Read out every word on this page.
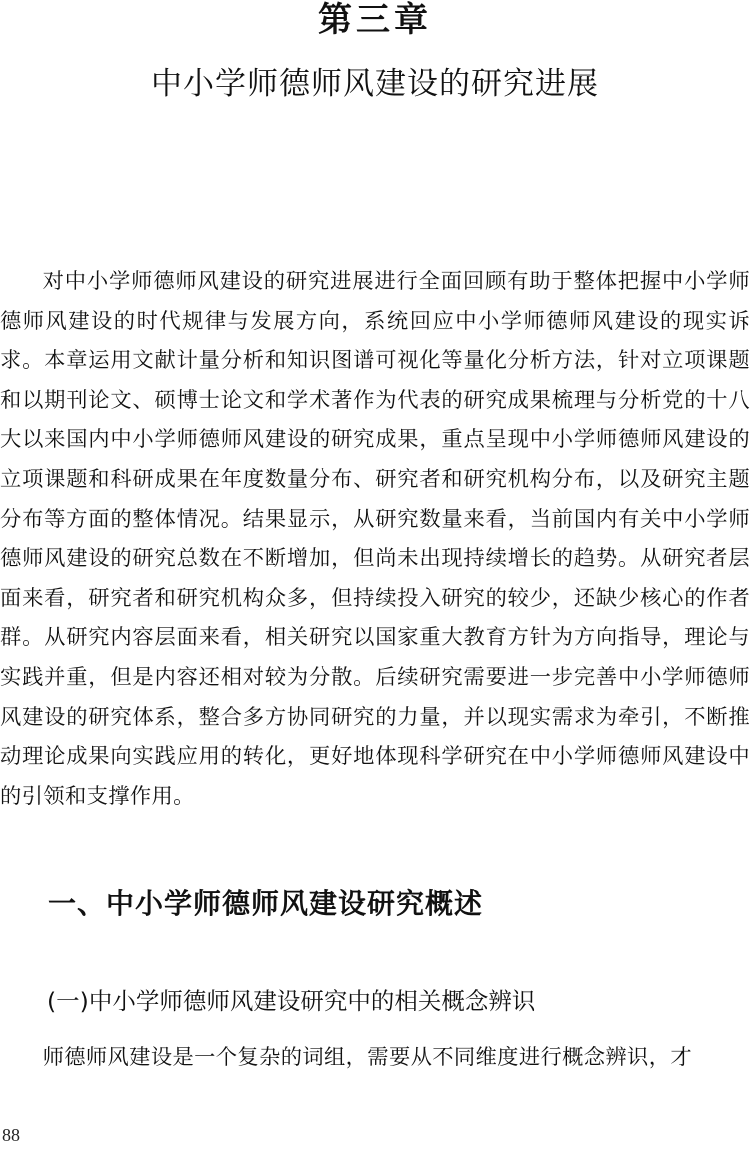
第三章
中小学师德师风建设的研究进展

对中小学师德师风建设的研究进展进行全面回顾有助于整体把握中小学师德师风建设的时代规律与发展方向，系统回应中小学师德师风建设的现实诉求。本章运用文献计量分析和知识图谱可视化等量化分析方法，针对立项课题和以期刊论文、硕博士论文和学术著作为代表的研究成果梳理与分析党的十八大以来国内中小学师德师风建设的研究成果，重点呈现中小学师德师风建设的立项课题和科研成果在年度数量分布、研究者和研究机构分布，以及研究主题分布等方面的整体情况。结果显示，从研究数量来看，当前国内有关中小学师德师风建设的研究总数在不断增加，但尚未出现持续增长的趋势。从研究者层面来看，研究者和研究机构众多，但持续投入研究的较少，还缺少核心的作者群。从研究内容层面来看，相关研究以国家重大教育方针为方向指导，理论与实践并重，但是内容还相对较为分散。后续研究需要进一步完善中小学师德师风建设的研究体系，整合多方协同研究的力量，并以现实需求为牵引，不断推动理论成果向实践应用的转化，更好地体现科学研究在中小学师德师风建设中的引领和支撑作用。

一、中小学师德师风建设研究概述
(一)中小学师德师风建设研究中的相关概念辨识

师德师风建设是一个复杂的词组，需要从不同维度进行概念辨识，才

88
